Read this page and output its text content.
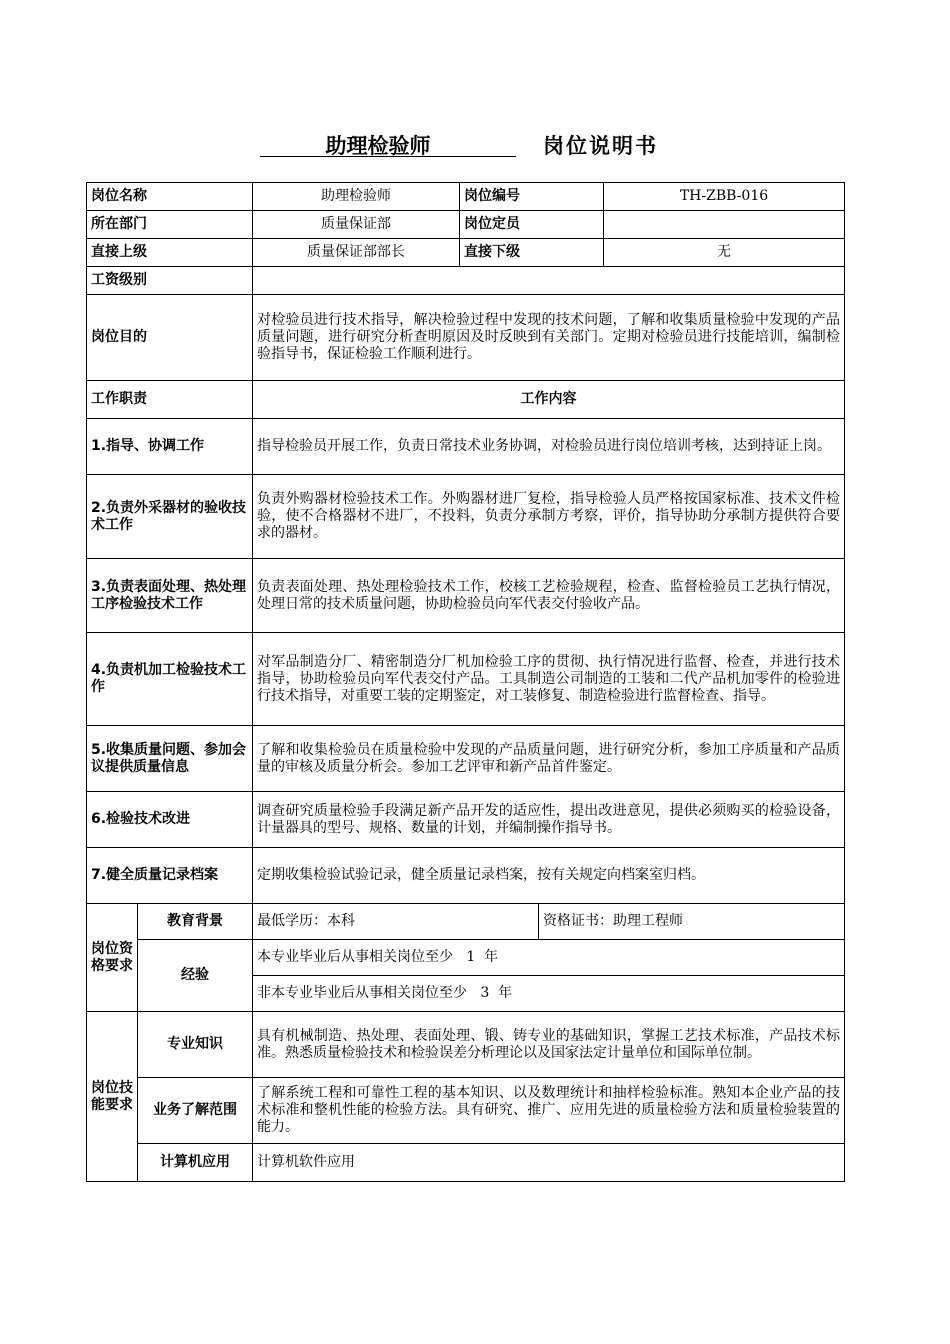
助理检验师	岗位说明书
岗位名称		助理检验师	岗位编号		TH-ZBB-016
所在部门		质量保证部	岗位定员		
直接上级		质量保证部部长	直接下级		无
工资级别					
岗位目的		对检验员进行技术指导，解决检验过程中发现的技术问题，了解和收集质量检验中发现的产品质量问题，进行研究分析查明原因及时反映到有关部门。定期对检验员进行技能培训，编制检验指导书，保证检验工作顺利进行。			
工作职责		工作内容			
1.指导、协调工作		指导检验员开展工作，负责日常技术业务协调，对检验员进行岗位培训考核，达到持证上岗。			
2.负责外采器材的验收技术工作		负责外购器材检验技术工作。外购器材进厂复检，指导检验人员严格按国家标准、技术文件检验，使不合格器材不进厂，不投料，负责分承制方考察，评价，指导协助分承制方提供符合要求的器材。			
3.负责表面处理、热处理工序检验技术工作		负责表面处理、热处理检验技术工作，校核工艺检验规程，检查、监督检验员工艺执行情况，处理日常的技术质量问题，协助检验员向军代表交付验收产品。			
4.负责机加工检验技术工作		对军品制造分厂、精密制造分厂机加检验工序的贯彻、执行情况进行监督、检查，并进行技术指导，协助检验员向军代表交付产品。工具制造公司制造的工装和二代产品机加零件的检验进行技术指导，对重要工装的定期鉴定，对工装修复、制造检验进行监督检查、指导。			
5.收集质量问题、参加会议提供质量信息		了解和收集检验员在质量检验中发现的产品质量问题，进行研究分析，参加工序质量和产品质量的审核及质量分析会。参加工艺评审和新产品首件鉴定。			
6.检验技术改进		调查研究质量检验手段满足新产品开发的适应性，提出改进意见，提供必须购买的检验设备，计量器具的型号、规格、数量的计划，并编制操作指导书。			
7.健全质量记录档案		定期收集检验试验记录，健全质量记录档案，按有关规定向档案室归档。			
岗位资格要求	教育背景	最低学历：本科		资格证书：助理工程师	
	经验	本专业毕业后从事相关岗位至少   1  年			
		非本专业毕业后从事相关岗位至少   3  年			
岗位技能要求	专业知识	具有机械制造、热处理、表面处理、锻、铸专业的基础知识，掌握工艺技术标准，产品技术标准。熟悉质量检验技术和检验误差分析理论以及国家法定计量单位和国际单位制。			
	业务了解范围	了解系统工程和可靠性工程的基本知识、以及数理统计和抽样检验标准。熟知本企业产品的技术标准和整机性能的检验方法。具有研究、推广、应用先进的质量检验方法和质量检验装置的能力。			
	计算机应用	计算机软件应用			
